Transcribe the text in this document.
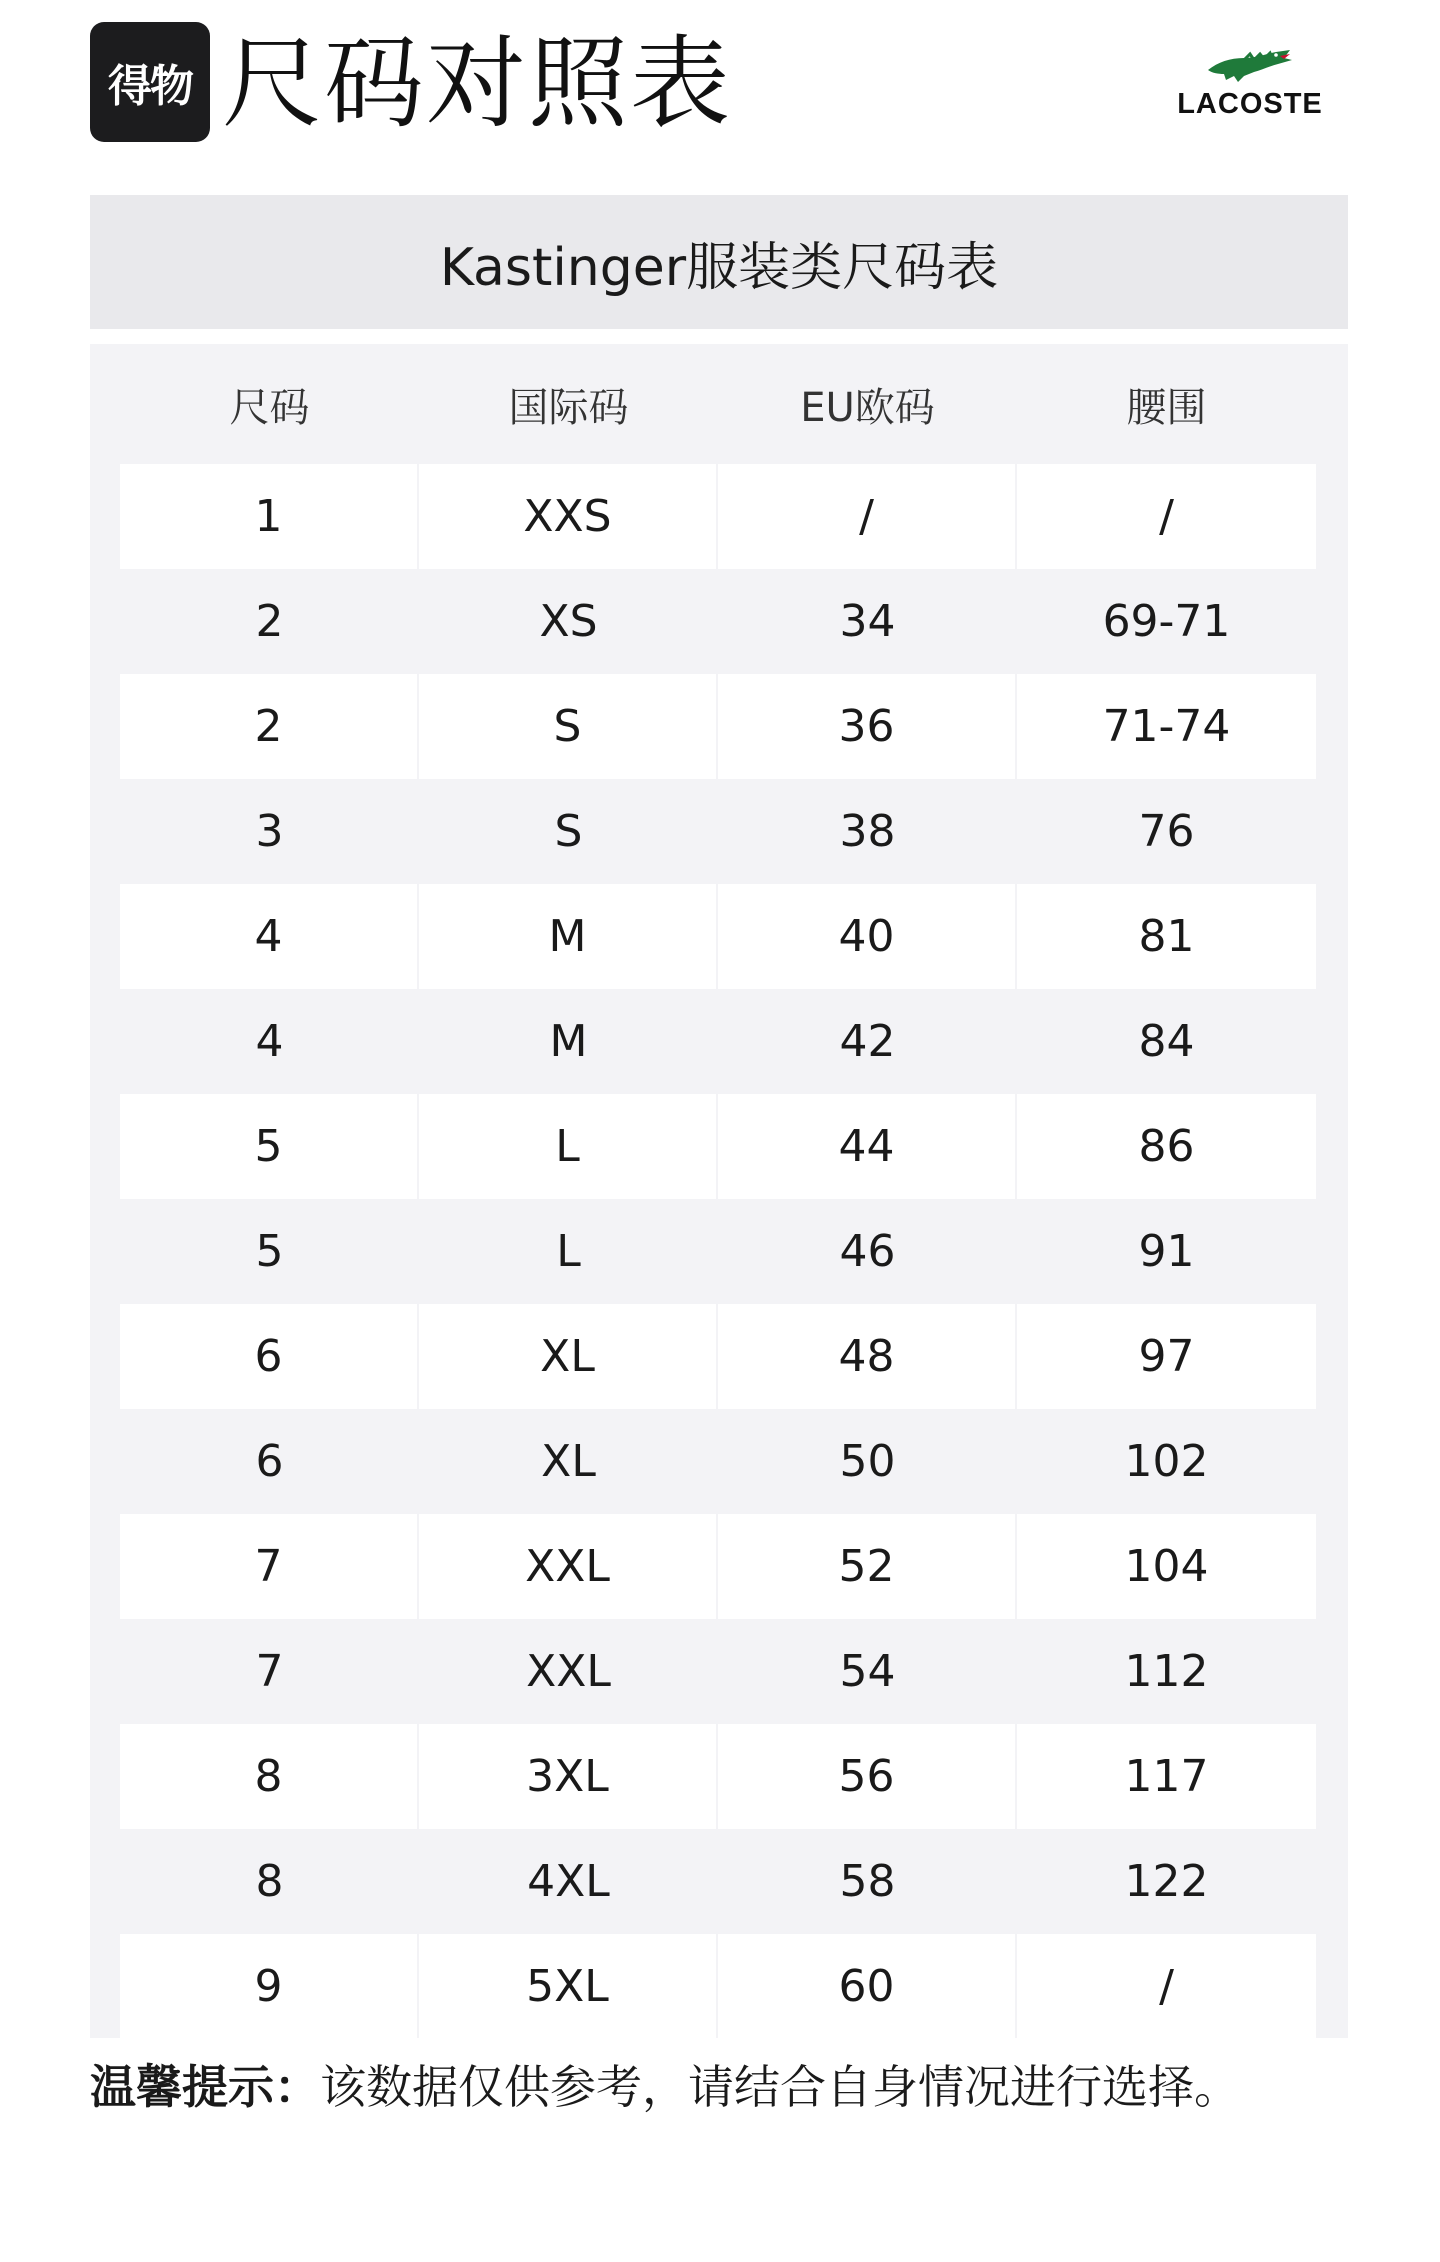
得物 尺码对照表	LACOSTE
Kastinger服装类尺码表
尺码	国际码	EU欧码	腰围
1	XXS	/	/
2	XS	34	69-71
2	S	36	71-74
3	S	38	76
4	M	40	81
4	M	42	84
5	L	44	86
5	L	46	91
6	XL	48	97
6	XL	50	102
7	XXL	52	104
7	XXL	54	112
8	3XL	56	117
8	4XL	58	122
9	5XL	60	/
温馨提示：该数据仅供参考，请结合自身情况进行选择。
